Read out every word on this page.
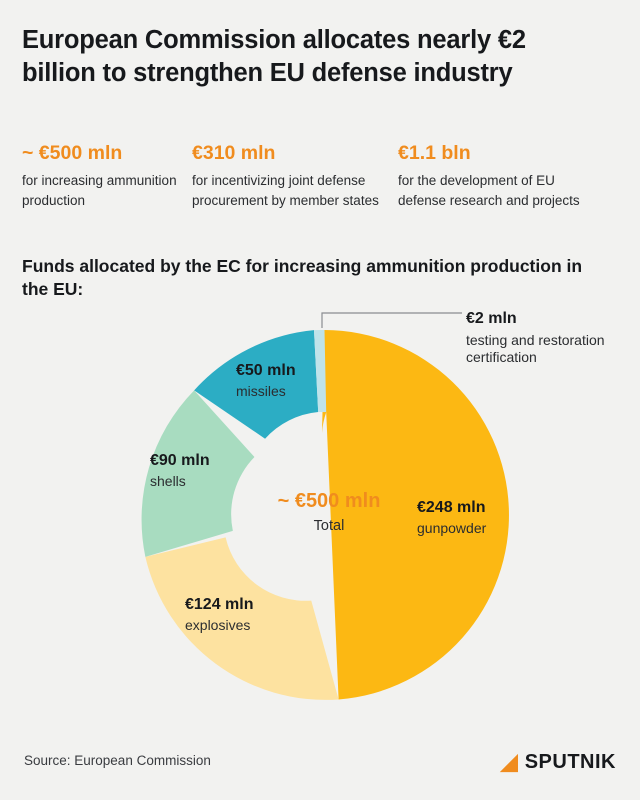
European Commission allocates nearly €2 billion to strengthen EU defense industry
~ €500 mln
for increasing ammunition production
€310 mln
for incentivizing joint defense procurement by member states
€1.1 bln
for the development of EU defense research and projects
Funds allocated by the EC for increasing ammunition production in the EU:
~ €500 mln
Total
€50 mln
missiles
€90 mln
shells
€124 mln
explosives
€248 mln
gunpowder
€2 mln
testing and restoration certification
Source: European Commission	◢ SPUTNIK
